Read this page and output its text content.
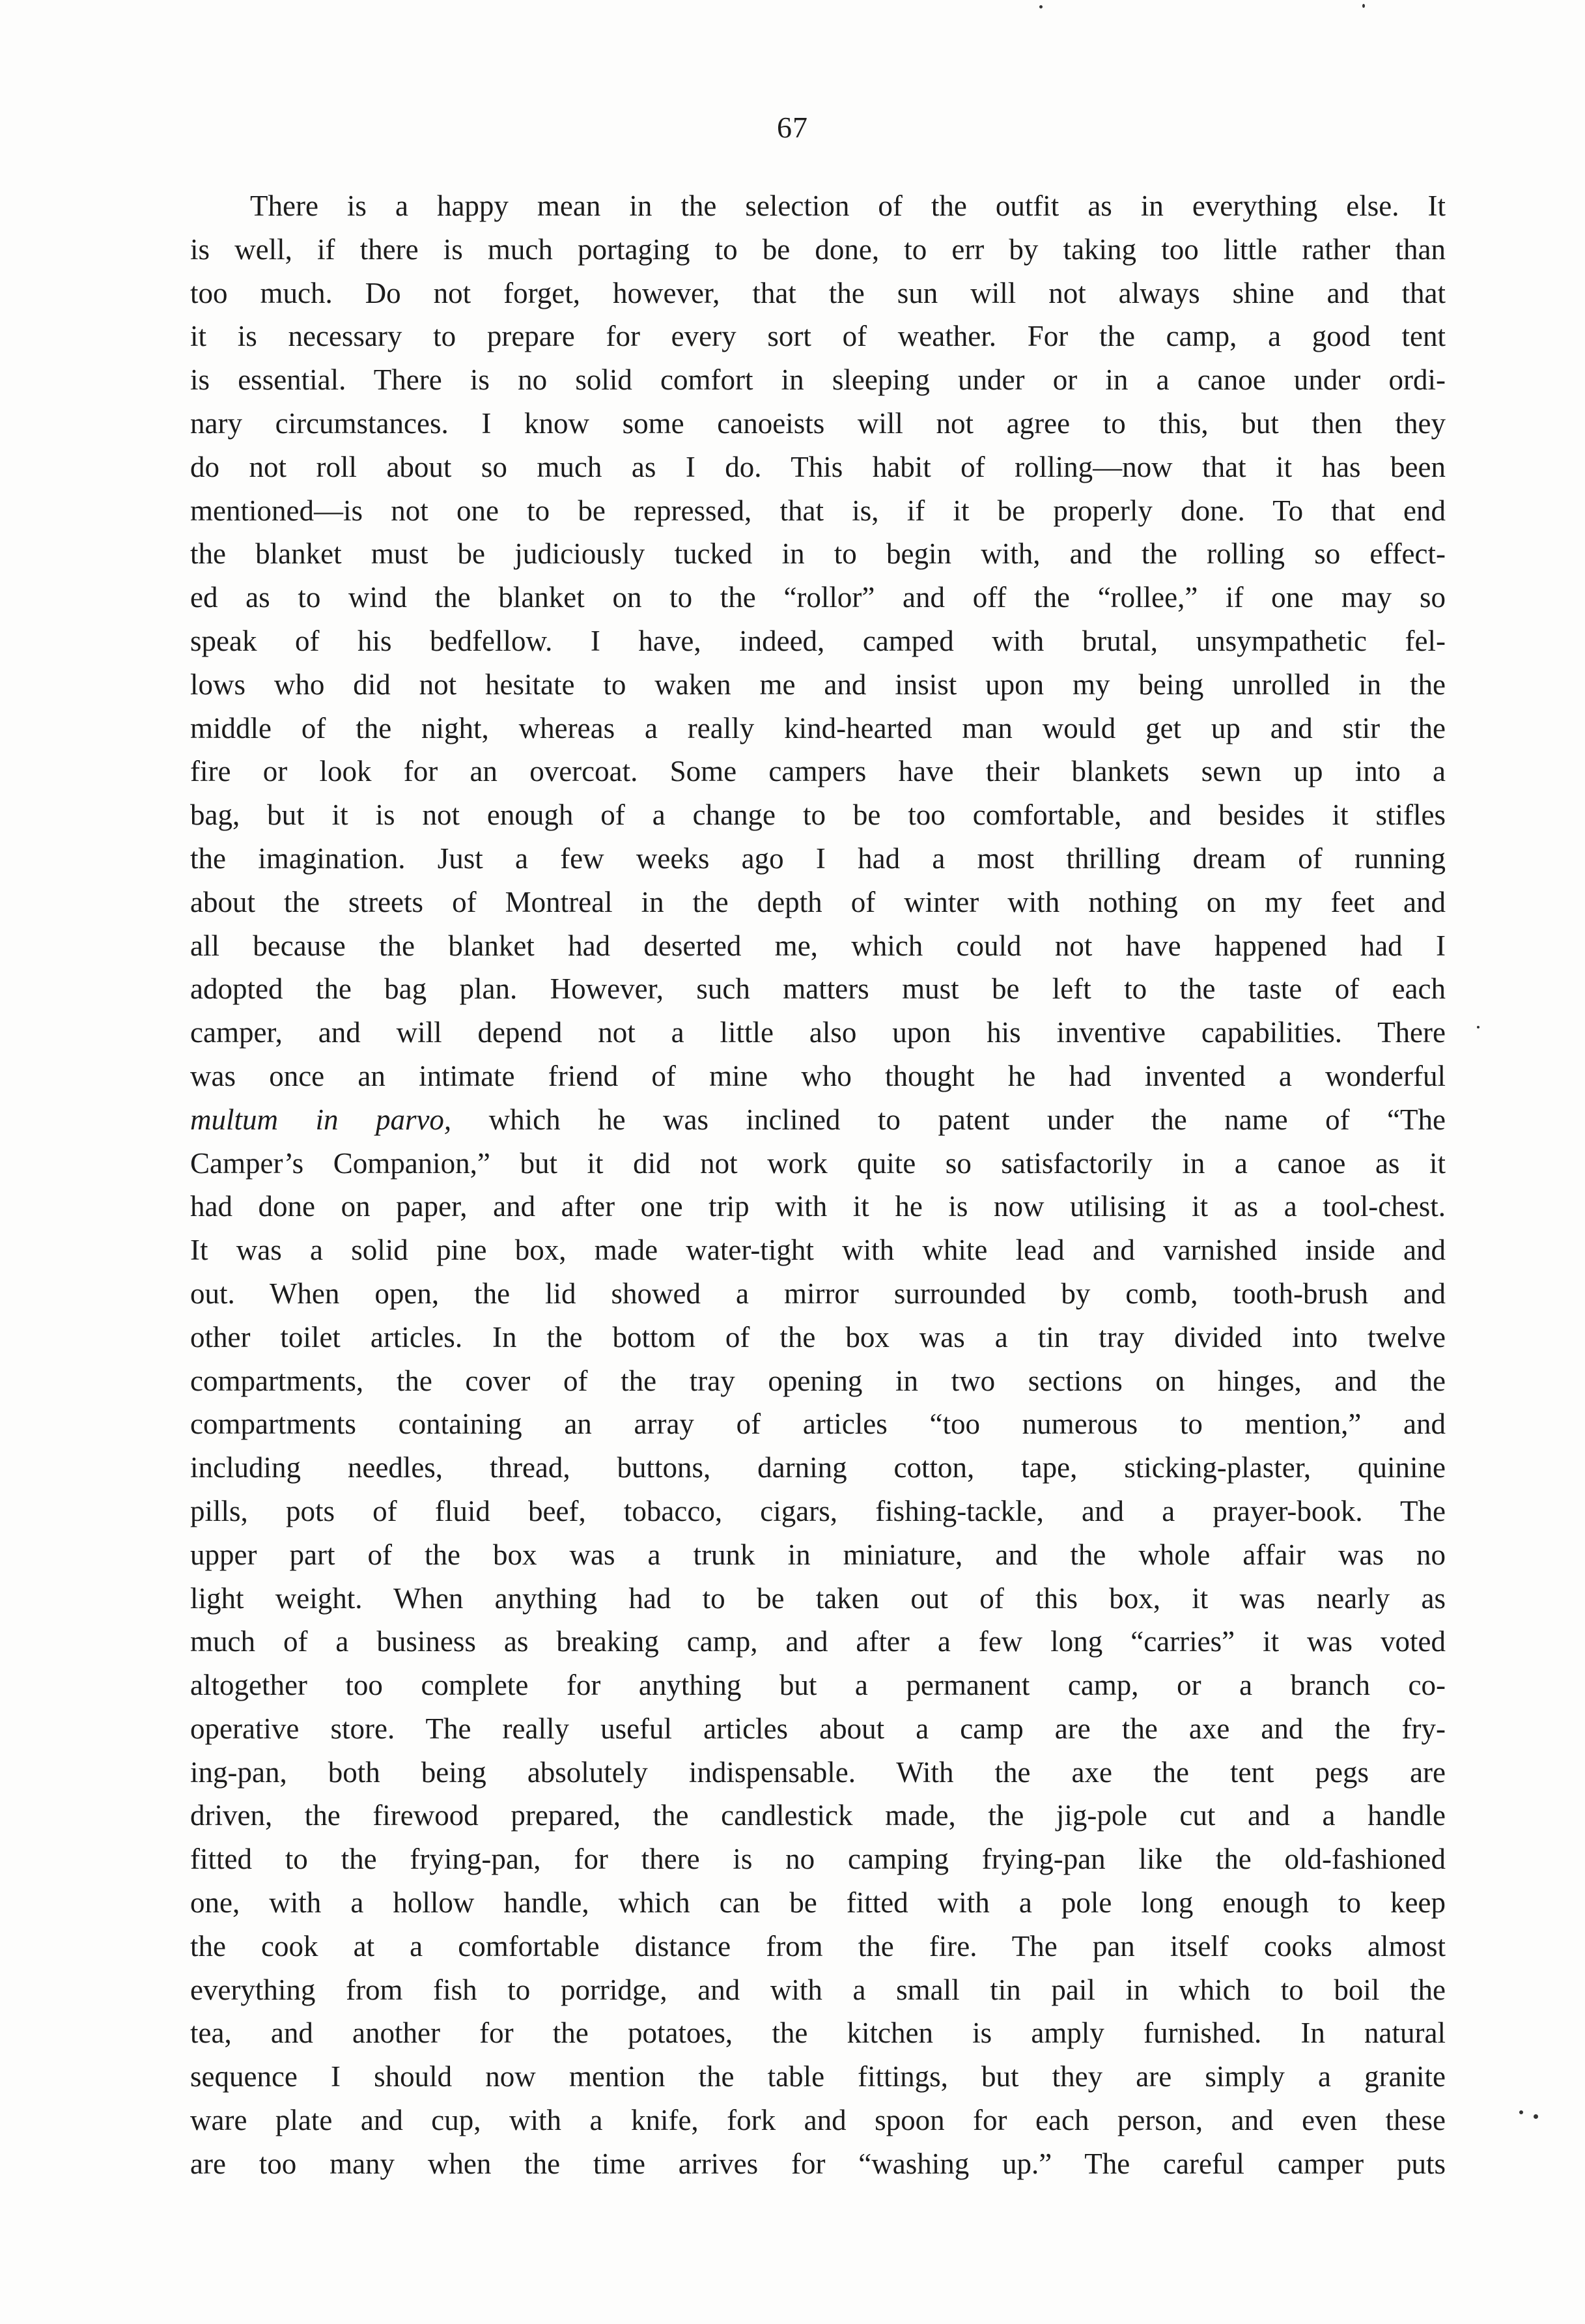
67
There is a happy mean in the selection of the outfit as in everything else. It
is well, if there is much portaging to be done, to err by taking too little rather than
too much. Do not forget, however, that the sun will not always shine and that
it is necessary to prepare for every sort of weather. For the camp, a good tent
is essential. There is no solid comfort in sleeping under or in a canoe under ordi-
nary circumstances. I know some canoeists will not agree to this, but then they
do not roll about so much as I do. This habit of rolling—now that it has been
mentioned—is not one to be repressed, that is, if it be properly done. To that end
the blanket must be judiciously tucked in to begin with, and the rolling so effect-
ed as to wind the blanket on to the “rollor” and off the “rollee,” if one may so
speak of his bedfellow. I have, indeed, camped with brutal, unsympathetic fel-
lows who did not hesitate to waken me and insist upon my being unrolled in the
middle of the night, whereas a really kind-hearted man would get up and stir the
fire or look for an overcoat. Some campers have their blankets sewn up into a
bag, but it is not enough of a change to be too comfortable, and besides it stifles
the imagination. Just a few weeks ago I had a most thrilling dream of running
about the streets of Montreal in the depth of winter with nothing on my feet and
all because the blanket had deserted me, which could not have happened had I
adopted the bag plan. However, such matters must be left to the taste of each
camper, and will depend not a little also upon his inventive capabilities. There
was once an intimate friend of mine who thought he had invented a wonderful
multum in parvo, which he was inclined to patent under the name of “The
Camper’s Companion,” but it did not work quite so satisfactorily in a canoe as it
had done on paper, and after one trip with it he is now utilising it as a tool-chest.
It was a solid pine box, made water-tight with white lead and varnished inside and
out. When open, the lid showed a mirror surrounded by comb, tooth-brush and
other toilet articles. In the bottom of the box was a tin tray divided into twelve
compartments, the cover of the tray opening in two sections on hinges, and the
compartments containing an array of articles “too numerous to mention,” and
including needles, thread, buttons, darning cotton, tape, sticking-plaster, quinine
pills, pots of fluid beef, tobacco, cigars, fishing-tackle, and a prayer-book. The
upper part of the box was a trunk in miniature, and the whole affair was no
light weight. When anything had to be taken out of this box, it was nearly as
much of a business as breaking camp, and after a few long “carries” it was voted
altogether too complete for anything but a permanent camp, or a branch co-
operative store. The really useful articles about a camp are the axe and the fry-
ing-pan, both being absolutely indispensable. With the axe the tent pegs are
driven, the firewood prepared, the candlestick made, the jig-pole cut and a handle
fitted to the frying-pan, for there is no camping frying-pan like the old-fashioned
one, with a hollow handle, which can be fitted with a pole long enough to keep
the cook at a comfortable distance from the fire. The pan itself cooks almost
everything from fish to porridge, and with a small tin pail in which to boil the
tea, and another for the potatoes, the kitchen is amply furnished. In natural
sequence I should now mention the table fittings, but they are simply a granite
ware plate and cup, with a knife, fork and spoon for each person, and even these
are too many when the time arrives for “washing up.” The careful camper puts
